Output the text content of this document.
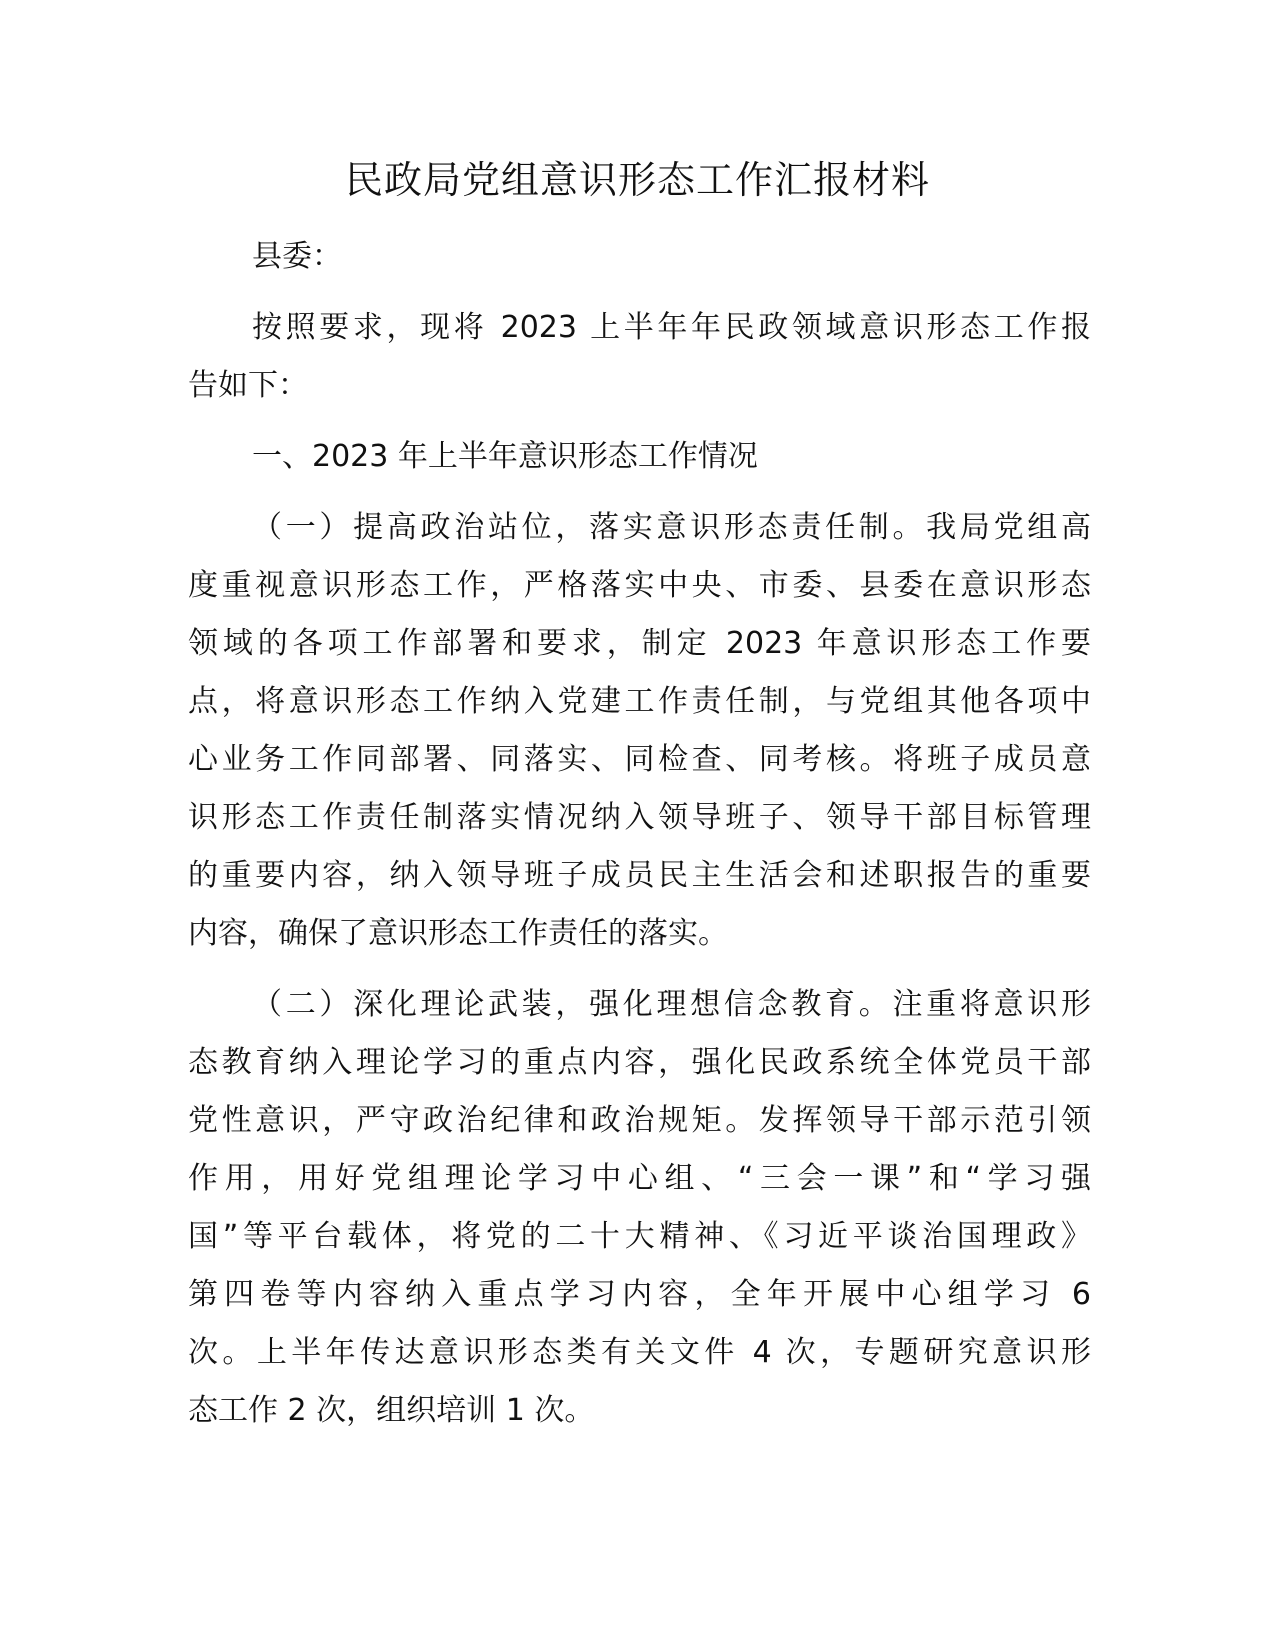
民政局党组意识形态工作汇报材料
县委：
按照要求，现将 2023 上半年年民政领域意识形态工作报
告如下：
一、2023 年上半年意识形态工作情况
（一）提高政治站位，落实意识形态责任制。我局党组高
度重视意识形态工作，严格落实中央、市委、县委在意识形态
领域的各项工作部署和要求，制定 2023 年意识形态工作要
点，将意识形态工作纳入党建工作责任制，与党组其他各项中
心业务工作同部署、同落实、同检查、同考核。将班子成员意
识形态工作责任制落实情况纳入领导班子、领导干部目标管理
的重要内容，纳入领导班子成员民主生活会和述职报告的重要
内容，确保了意识形态工作责任的落实。
（二）深化理论武装，强化理想信念教育。注重将意识形
态教育纳入理论学习的重点内容，强化民政系统全体党员干部
党性意识，严守政治纪律和政治规矩。发挥领导干部示范引领
作用，用好党组理论学习中心组、“三会一课”和“学习强
国”等平台载体，将党的二十大精神、《习近平谈治国理政》
第四卷等内容纳入重点学习内容，全年开展中心组学习 6
次。上半年传达意识形态类有关文件 4 次，专题研究意识形
态工作 2 次，组织培训 1 次。
